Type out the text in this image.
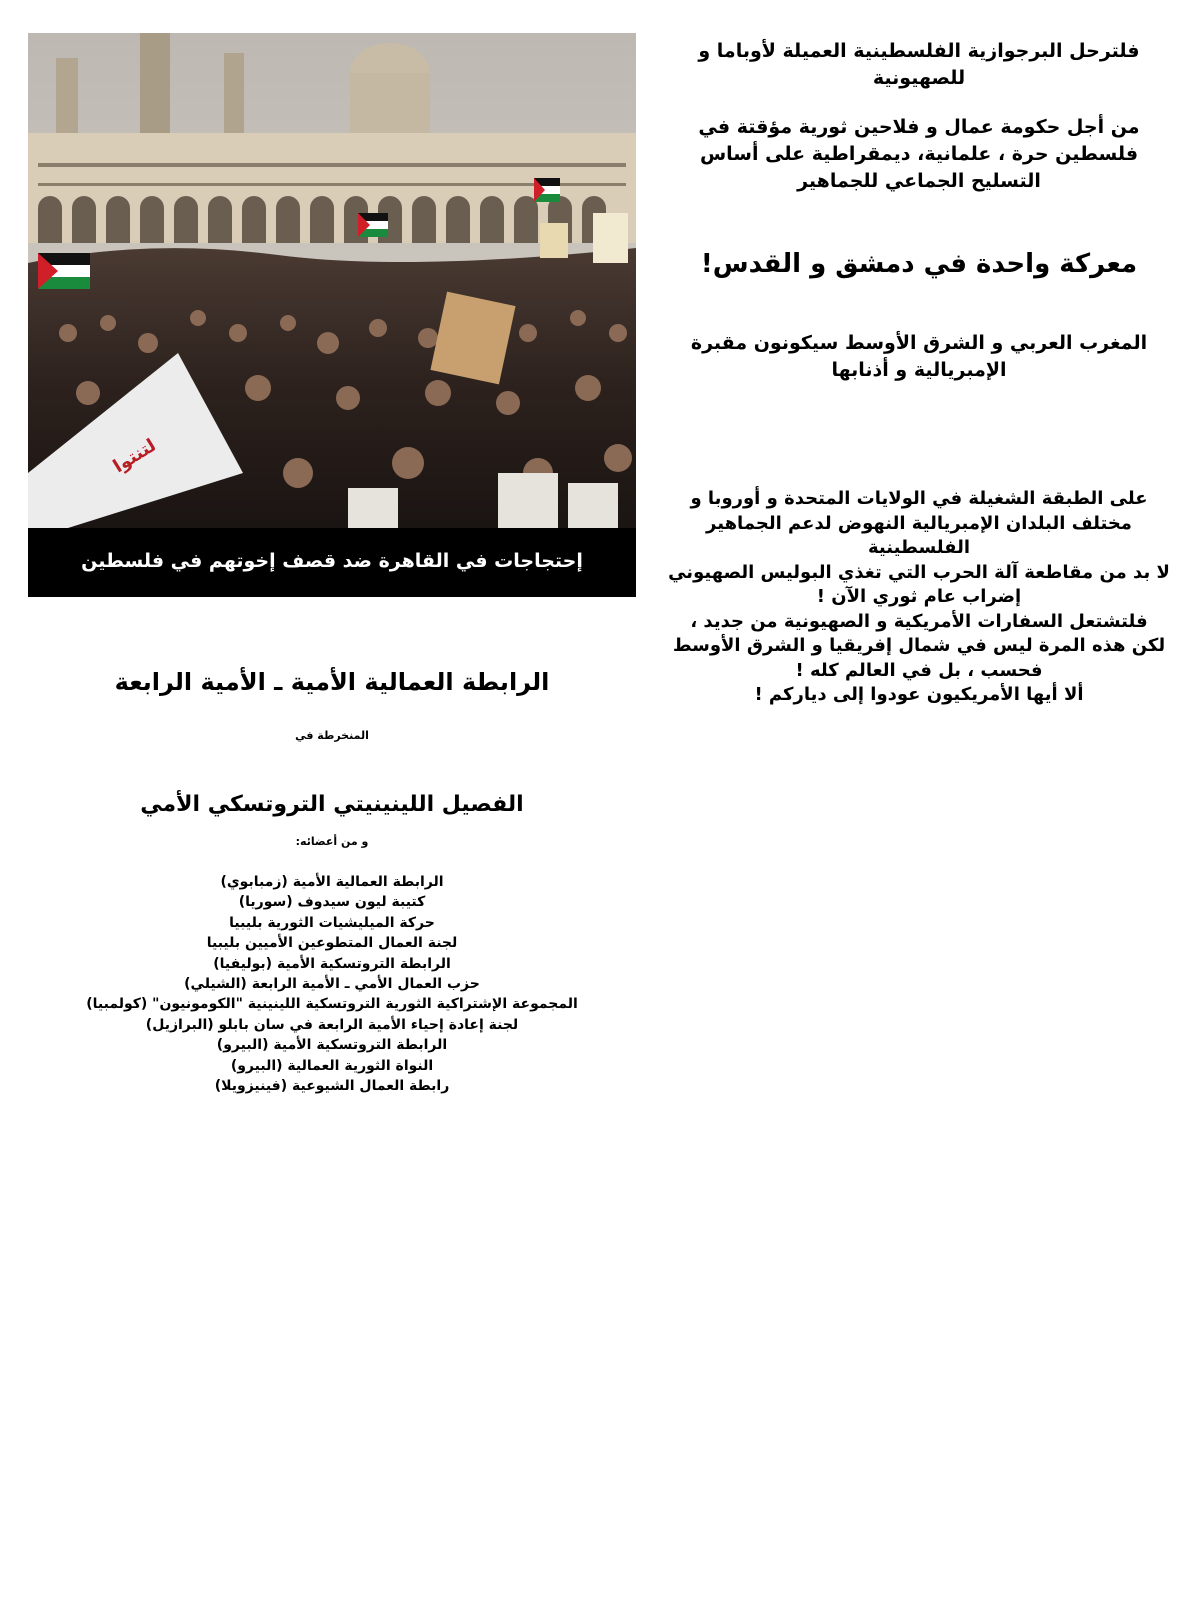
لتنتوا
إحتجاجات في القاهرة ضد قصف إخوتهم في فلسطين
فلترحل البرجوازية الفلسطينية العميلة لأوباما و
للصهيونية
من أجل حكومة عمال و فلاحين ثورية مؤقتة في
فلسطين حرة ، علمانية، ديمقراطية على أساس
التسليح الجماعي للجماهير
معركة واحدة في دمشق و القدس!
المغرب العربي و الشرق الأوسط سيكونون مقبرة
الإمبريالية و أذنابها
على الطبقة الشغيلة في الولايات المتحدة و أوروبا و
مختلف البلدان الإمبريالية النهوض لدعم الجماهير
الفلسطينية
لا بد من مقاطعة آلة الحرب التي تغذي البوليس الصهيوني
إضراب عام ثوري الآن !
فلتشتعل السفارات الأمريكية و الصهيونية من جديد ،
لكن هذه المرة ليس في شمال إفريقيا و الشرق الأوسط
فحسب ، بل في العالم كله !
ألا أيها الأمريكيون عودوا إلى دياركم !
الرابطة العمالية الأمية ـ الأمية الرابعة
المنخرطة في
الفصيل اللينينيتي التروتسكي الأمي
و من أعضائه:
الرابطة العمالية الأمية (زمبابوي)
كتيبة ليون سيدوف (سوريا)
حركة الميليشيات الثورية بليبيا
لجنة العمال المتطوعين الأميين بليبيا
الرابطة التروتسكية الأمية (بوليفيا)
حزب العمال الأمي ـ الأمية الرابعة (الشيلي)
المجموعة الإشتراكية الثورية التروتسكية اللينينية "الكومونيون" (كولمبيا)
لجنة إعادة إحياء الأمية الرابعة في سان بابلو (البرازيل)
الرابطة التروتسكية الأمية (البيرو)
النواة الثورية العمالية (البيرو)
رابطة العمال الشيوعية (فينيزويلا)
